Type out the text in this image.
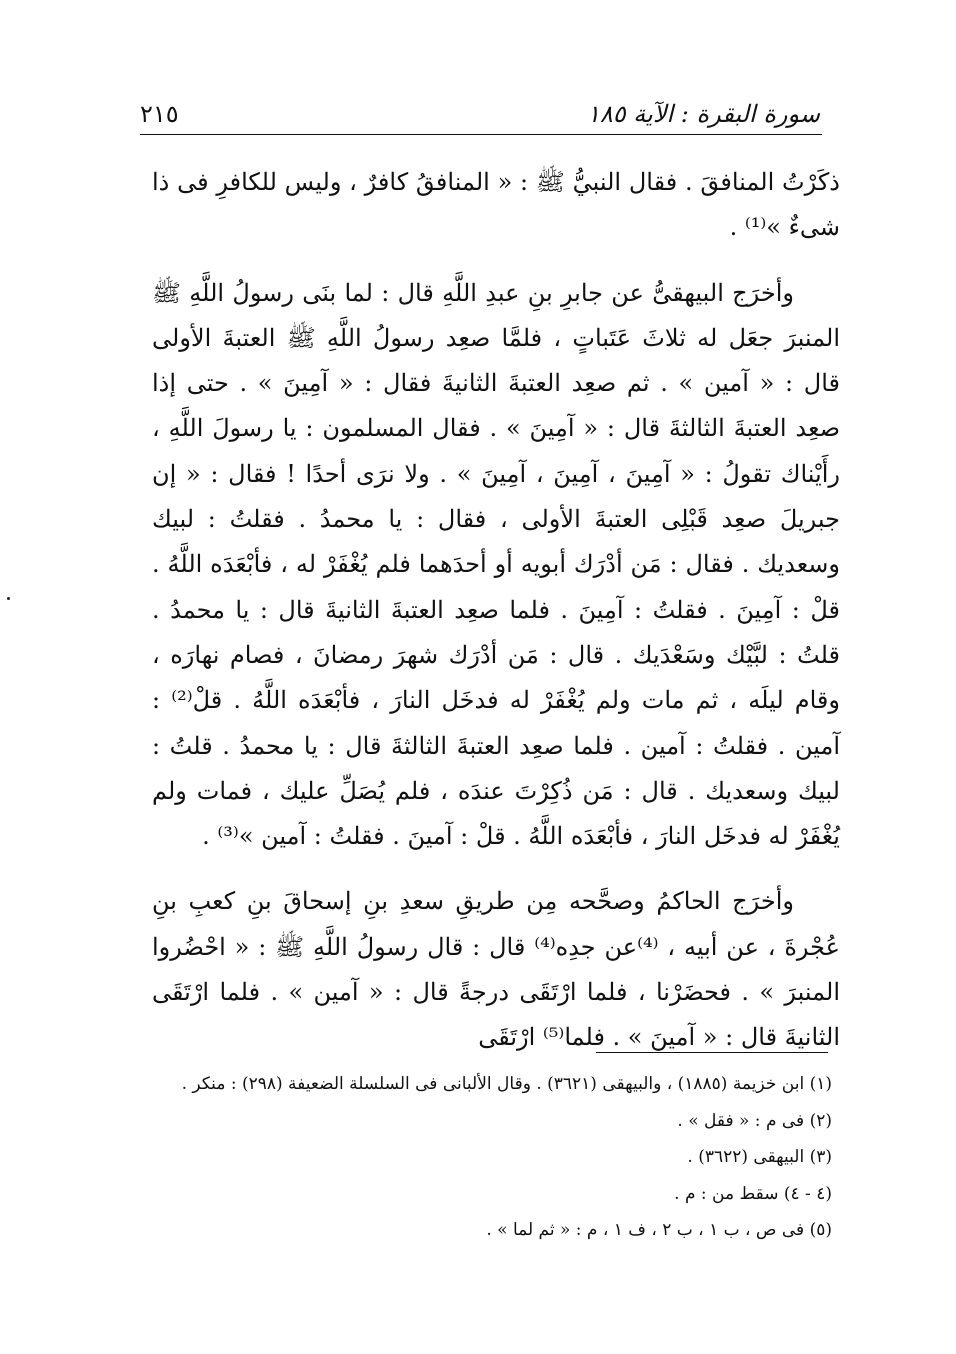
سورة البقرة : الآية ١٨٥
٢١٥

ذكَرْتُ المنافقَ . فقال النبيُّ ﷺ : « المنافقُ كافرٌ ، وليس للكافرِ فى ذا شىءٌ »⁽¹⁾ .

وأخرَج البيهقىُّ عن جابرِ بنِ عبدِ اللَّهِ قال : لما بنَى رسولُ اللَّهِ ﷺ المنبرَ جعَل له ثلاثَ عَتَباتٍ ، فلمَّا صعِد رسولُ اللَّهِ ﷺ العتبةَ الأولى قال : « آمين » . ثم صعِد العتبةَ الثانيةَ فقال : « آمِينَ » . حتى إذا صعِد العتبةَ الثالثةَ قال : « آمِينَ » . فقال المسلمون : يا رسولَ اللَّهِ ، رأَيْناك تقولُ : « آمِينَ ، آمِينَ ، آمِينَ » . ولا نرَى أحدًا ! فقال : « إن جبريلَ صعِد قَبْلِى العتبةَ الأولى ، فقال : يا محمدُ . فقلتُ : لبيك وسعديك . فقال : مَن أدْرَك أبويه أو أحدَهما فلم يُغْفَرْ له ، فأبْعَدَه اللَّهُ . قلْ : آمِينَ . فقلتُ : آمِينَ . فلما صعِد العتبةَ الثانيةَ قال : يا محمدُ . قلتُ : لبَّيْك وسَعْدَيك . قال : مَن أدْرَك شهرَ رمضانَ ، فصام نهارَه ، وقام ليلَه ، ثم مات ولم يُغْفَرْ له فدخَل النارَ ، فأبْعَدَه اللَّهُ . قلْ⁽²⁾ : آمين . فقلتُ : آمين . فلما صعِد العتبةَ الثالثةَ قال : يا محمدُ . قلتُ : لبيك وسعديك . قال : مَن ذُكِرْتَ عندَه ، فلم يُصَلِّ عليك ، فمات ولم يُغْفَرْ له فدخَل النارَ ، فأبْعَدَه اللَّهُ . قلْ : آمينَ . فقلتُ : آمين »⁽³⁾ .

وأخرَج الحاكمُ وصحَّحه مِن طريقِ سعدِ بنِ إسحاقَ بنِ كعبِ بنِ عُجْرةَ ، عن أبيه ، ⁽⁴⁾عن جدِه⁽⁴⁾ قال : قال رسولُ اللَّهِ ﷺ : « احْضُروا المنبرَ » . فحضَرْنا ، فلما ارْتَقَى درجةً قال : « آمين » . فلما ارْتَقَى الثانيةَ قال : « آمينَ » . فلما⁽⁵⁾ ارْتَقَى

(١) ابن خزيمة (١٨٨٥) ، والبيهقى (٣٦٢١) . وقال الألبانى فى السلسلة الضعيفة (٢٩٨) : منكر .
(٢) فى م : « فقل » .
(٣) البيهقى (٣٦٢٢) .
(٤ - ٤) سقط من : م .
(٥) فى ص ، ب ١ ، ب ٢ ، ف ١ ، م : « ثم لما » .
